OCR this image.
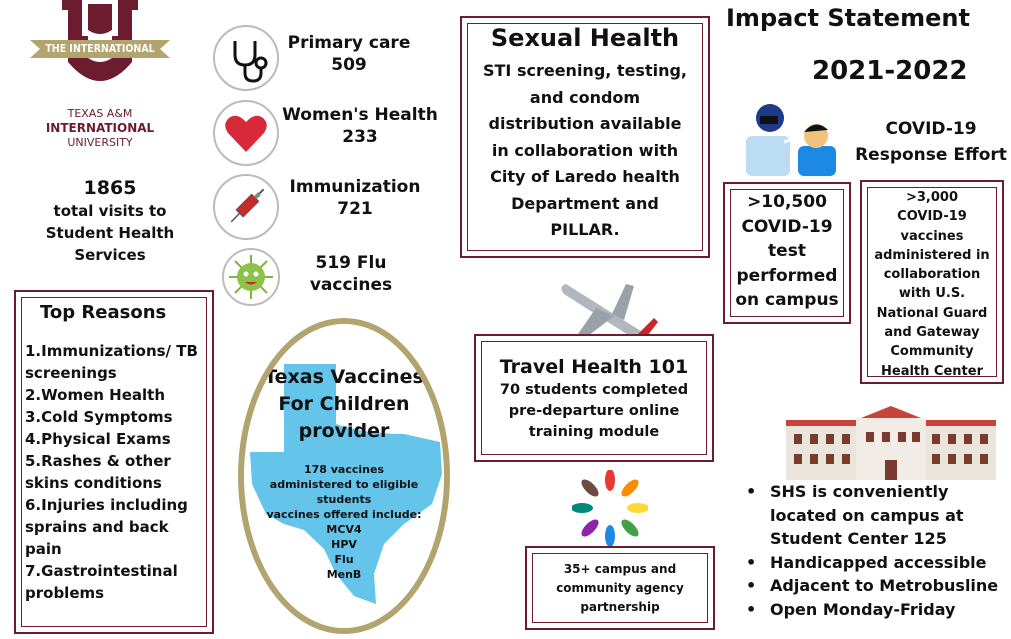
THE INTERNATIONAL
TEXAS A&M
INTERNATIONAL
UNIVERSITY
1865
total visits to
Student Health
Services
Primary care
509
Women's Health
233
Immunization
721
519 Flu
vaccines
Top Reasons
1.Immunizations/ TB screenings
2.Women Health
3.Cold Symptoms
4.Physical Exams
5.Rashes & other skins conditions
6.Injuries including sprains and back pain
7.Gastrointestinal problems
Texas Vaccines
For Children
provider
178 vaccines
administered to eligible
students
vaccines offered include:
MCV4
HPV
Flu
MenB
Sexual Health
STI screening, testing,
and condom
distribution available
in collaboration with
City of Laredo health
Department and
PILLAR.
Travel Health 101
70 students completed
pre-departure online
training module
35+ campus and
community agency
partnership
Impact Statement
2021-2022
COVID-19
Response Effort
>10,500
COVID-19
test
performed
on campus
>3,000
COVID-19
vaccines
administered in
collaboration
with U.S.
National Guard
and Gateway
Community
Health Center
• SHS is conveniently located on campus at Student Center 125
• Handicapped accessible
• Adjacent to Metrobusline
• Open Monday-Friday
